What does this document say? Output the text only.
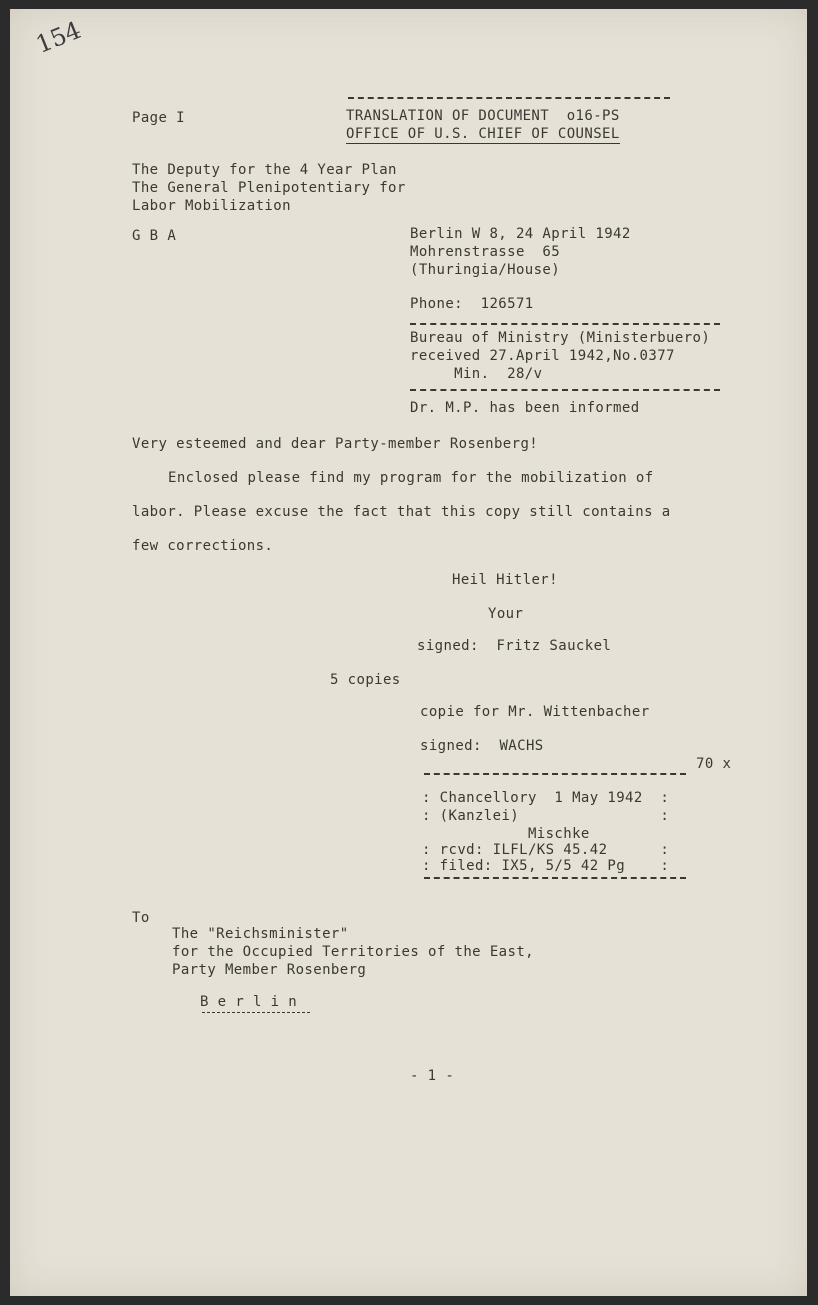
154
Page I	TRANSLATION OF DOCUMENT  o16-PS
OFFICE OF U.S. CHIEF OF COUNSEL
The Deputy for the 4 Year Plan
The General Plenipotentiary for
Labor Mobilization
G B A	Berlin W 8, 24 April 1942
Mohrenstrasse  65
(Thuringia/House)
Phone:  126571
Bureau of Ministry (Ministerbuero)
received 27.April 1942,No.0377
Min.  28/v
Dr. M.P. has been informed
Very esteemed and dear Party-member Rosenberg!
Enclosed please find my program for the mobilization of
labor. Please excuse the fact that this copy still contains a
few corrections.
Heil Hitler!
Your
signed:  Fritz Sauckel
5 copies
copie for Mr. Wittenbacher
signed:  WACHS
70 x
: Chancellory  1 May 1942  :
: (Kanzlei)                :
Mischke
: rcvd: ILFL/KS 45.42      :
: filed: IX5, 5/5 42 Pg    :
To
The "Reichsminister"
for the Occupied Territories of the East,
Party Member Rosenberg
B e r l i n
- 1 -
